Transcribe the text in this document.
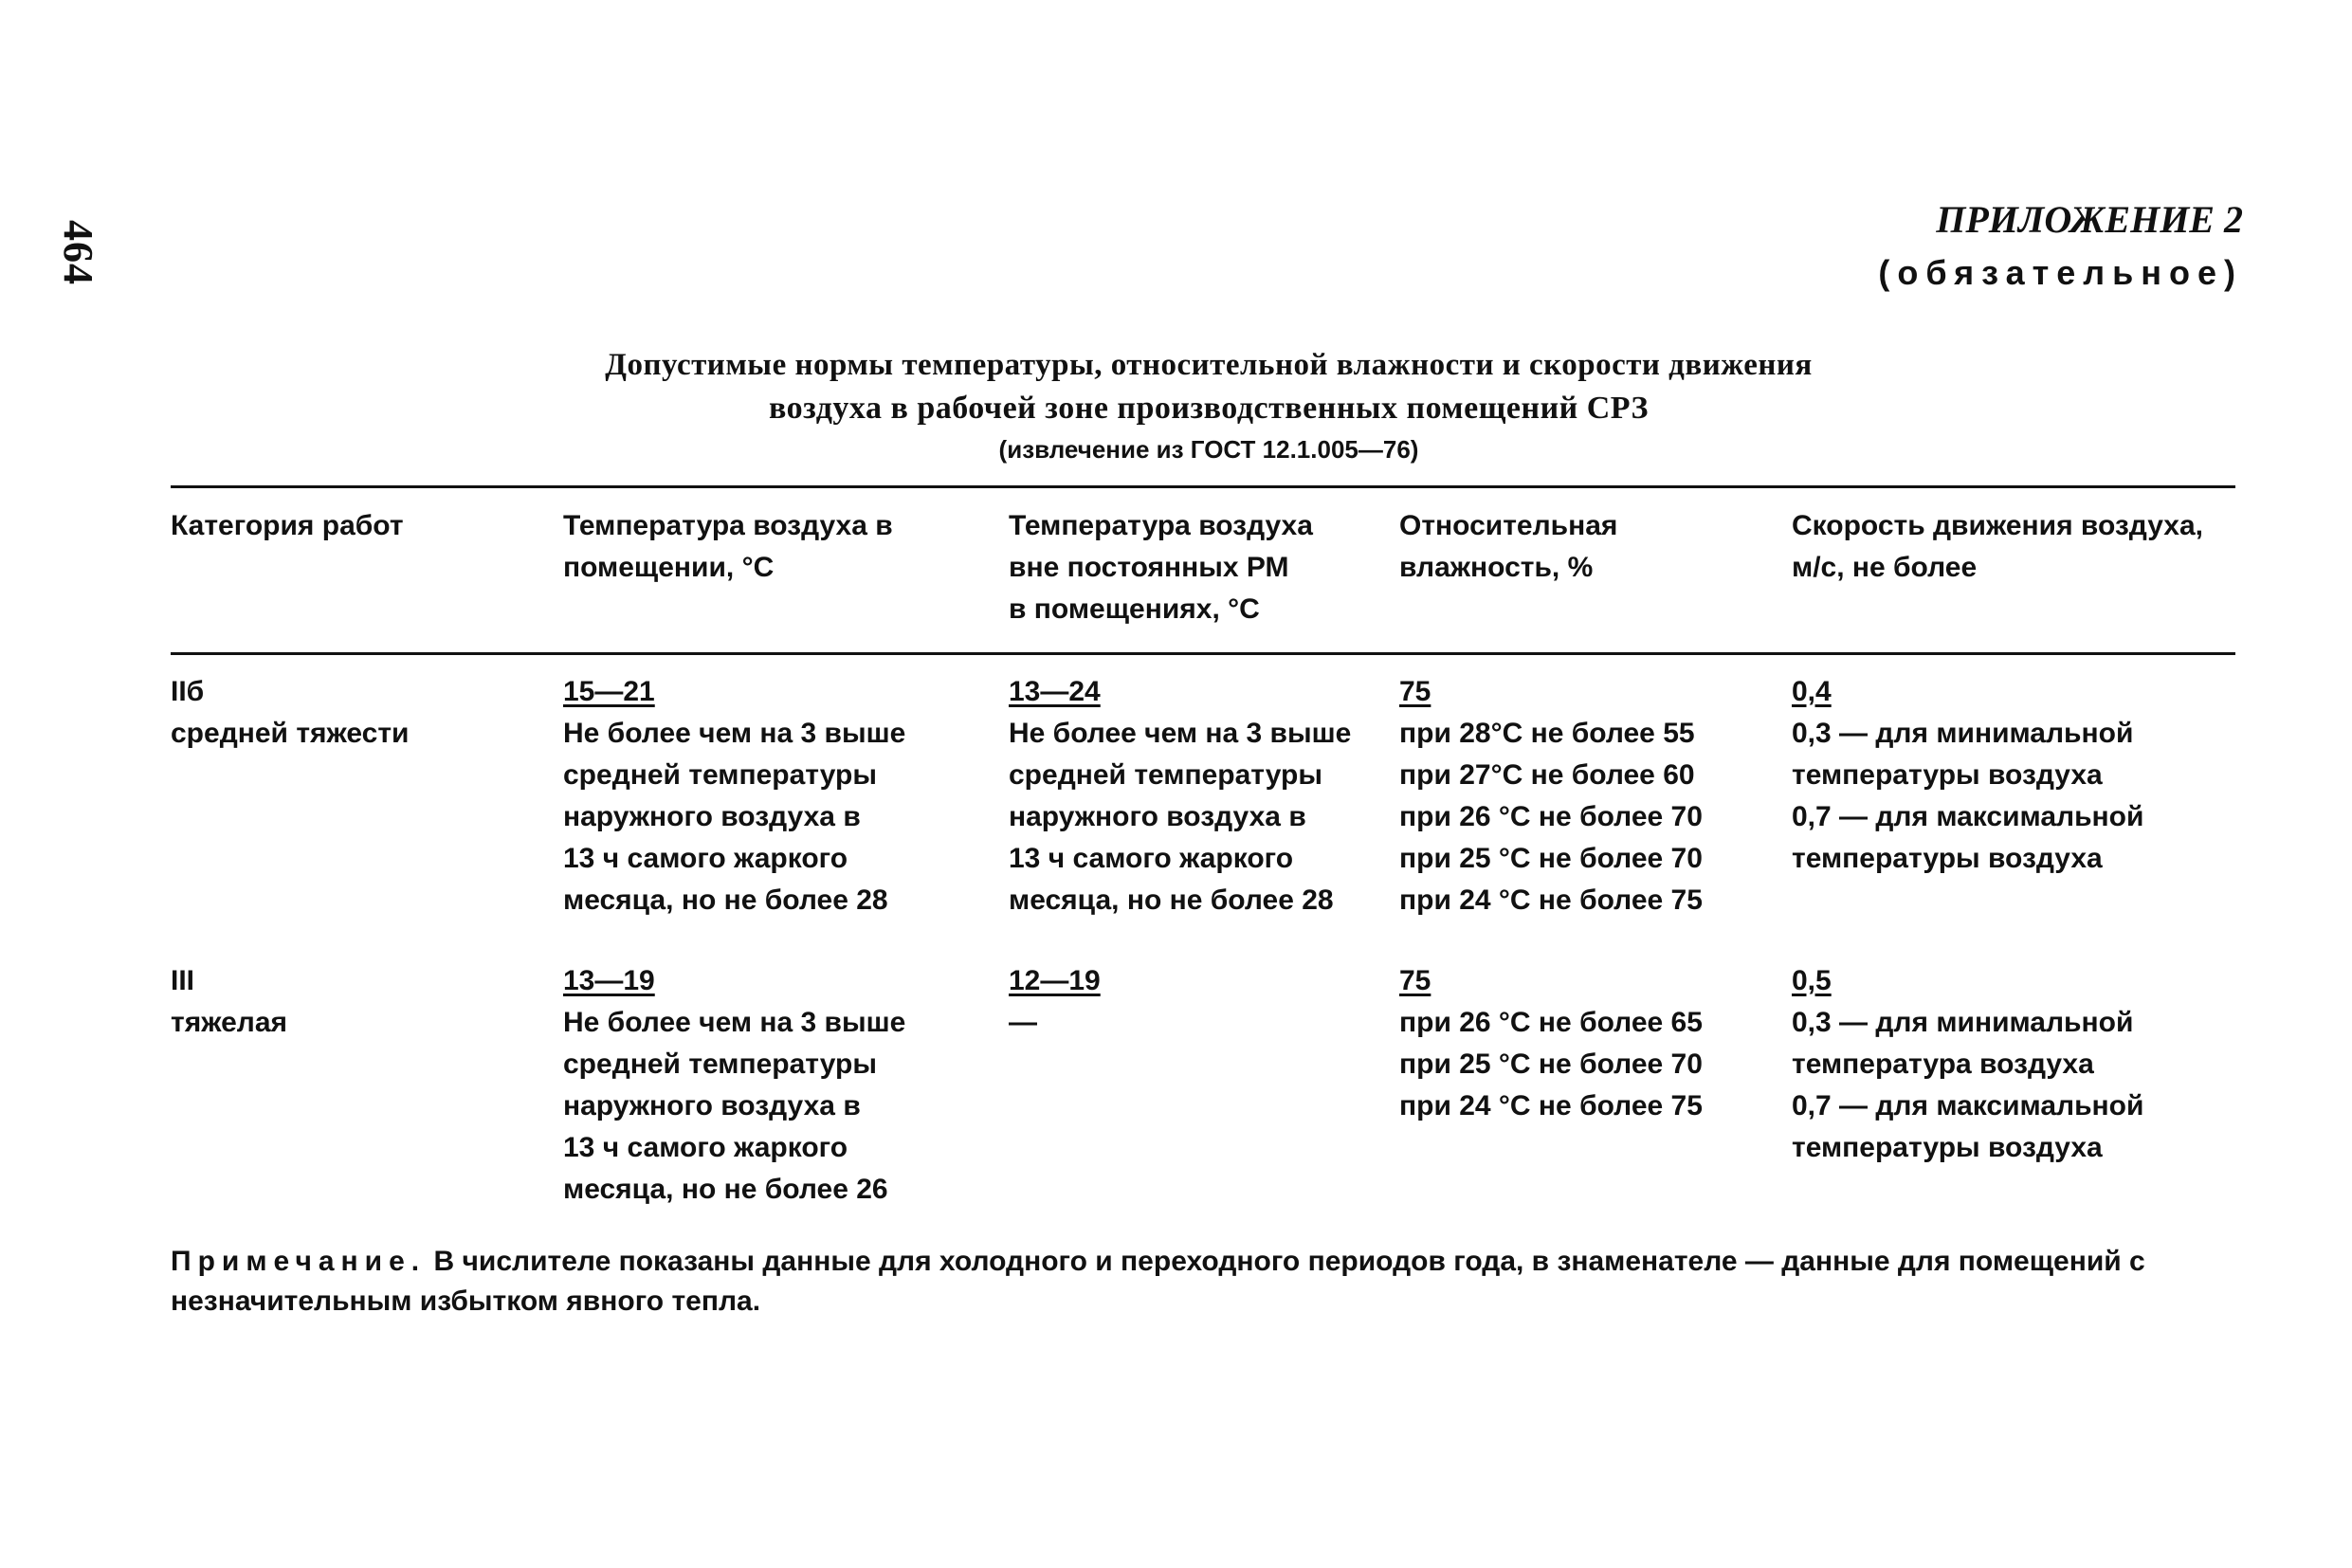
464
ПРИЛОЖЕНИЕ 2
(обязательное)
Допустимые нормы температуры, относительной влажности и скорости движения
воздуха в рабочей зоне производственных помещений СРЗ
(извлечение из ГОСТ 12.1.005—76)
Категория работ	Температура воздуха в
помещении, °С
Температура воздуха
вне постоянных РМ
в помещениях, °С
Относительная
влажность, %
Скорость движения воздуха,
м/с, не более
IIб
средней тяжести
15—21
Не более чем на 3 выше
средней температуры
наружного воздуха в
13 ч самого жаркого
месяца, но не более 28
13—24
Не более чем на 3 выше
средней температуры
наружного воздуха в
13 ч самого жаркого
месяца, но не более 28
75
при 28°С не более 55
при 27°С не более 60
при 26 °С не более 70
при 25 °С не более 70
при 24 °С не более 75
0,4
0,3 — для минимальной
температуры воздуха
0,7 — для максимальной
температуры воздуха
III
тяжелая
13—19
Не более чем на 3 выше
средней температуры
наружного воздуха в
13 ч самого жаркого
месяца, но не более 26
12—19
—
75
при 26 °С не более 65
при 25 °С не более 70
при 24 °С не более 75
0,5
0,3 — для минимальной
температура воздуха
0,7 — для максимальной
температуры воздуха
Примечание. В числителе показаны данные для холодного и переходного периодов года, в знаменателе — данные для помещений с незначительным избытком явного тепла.
